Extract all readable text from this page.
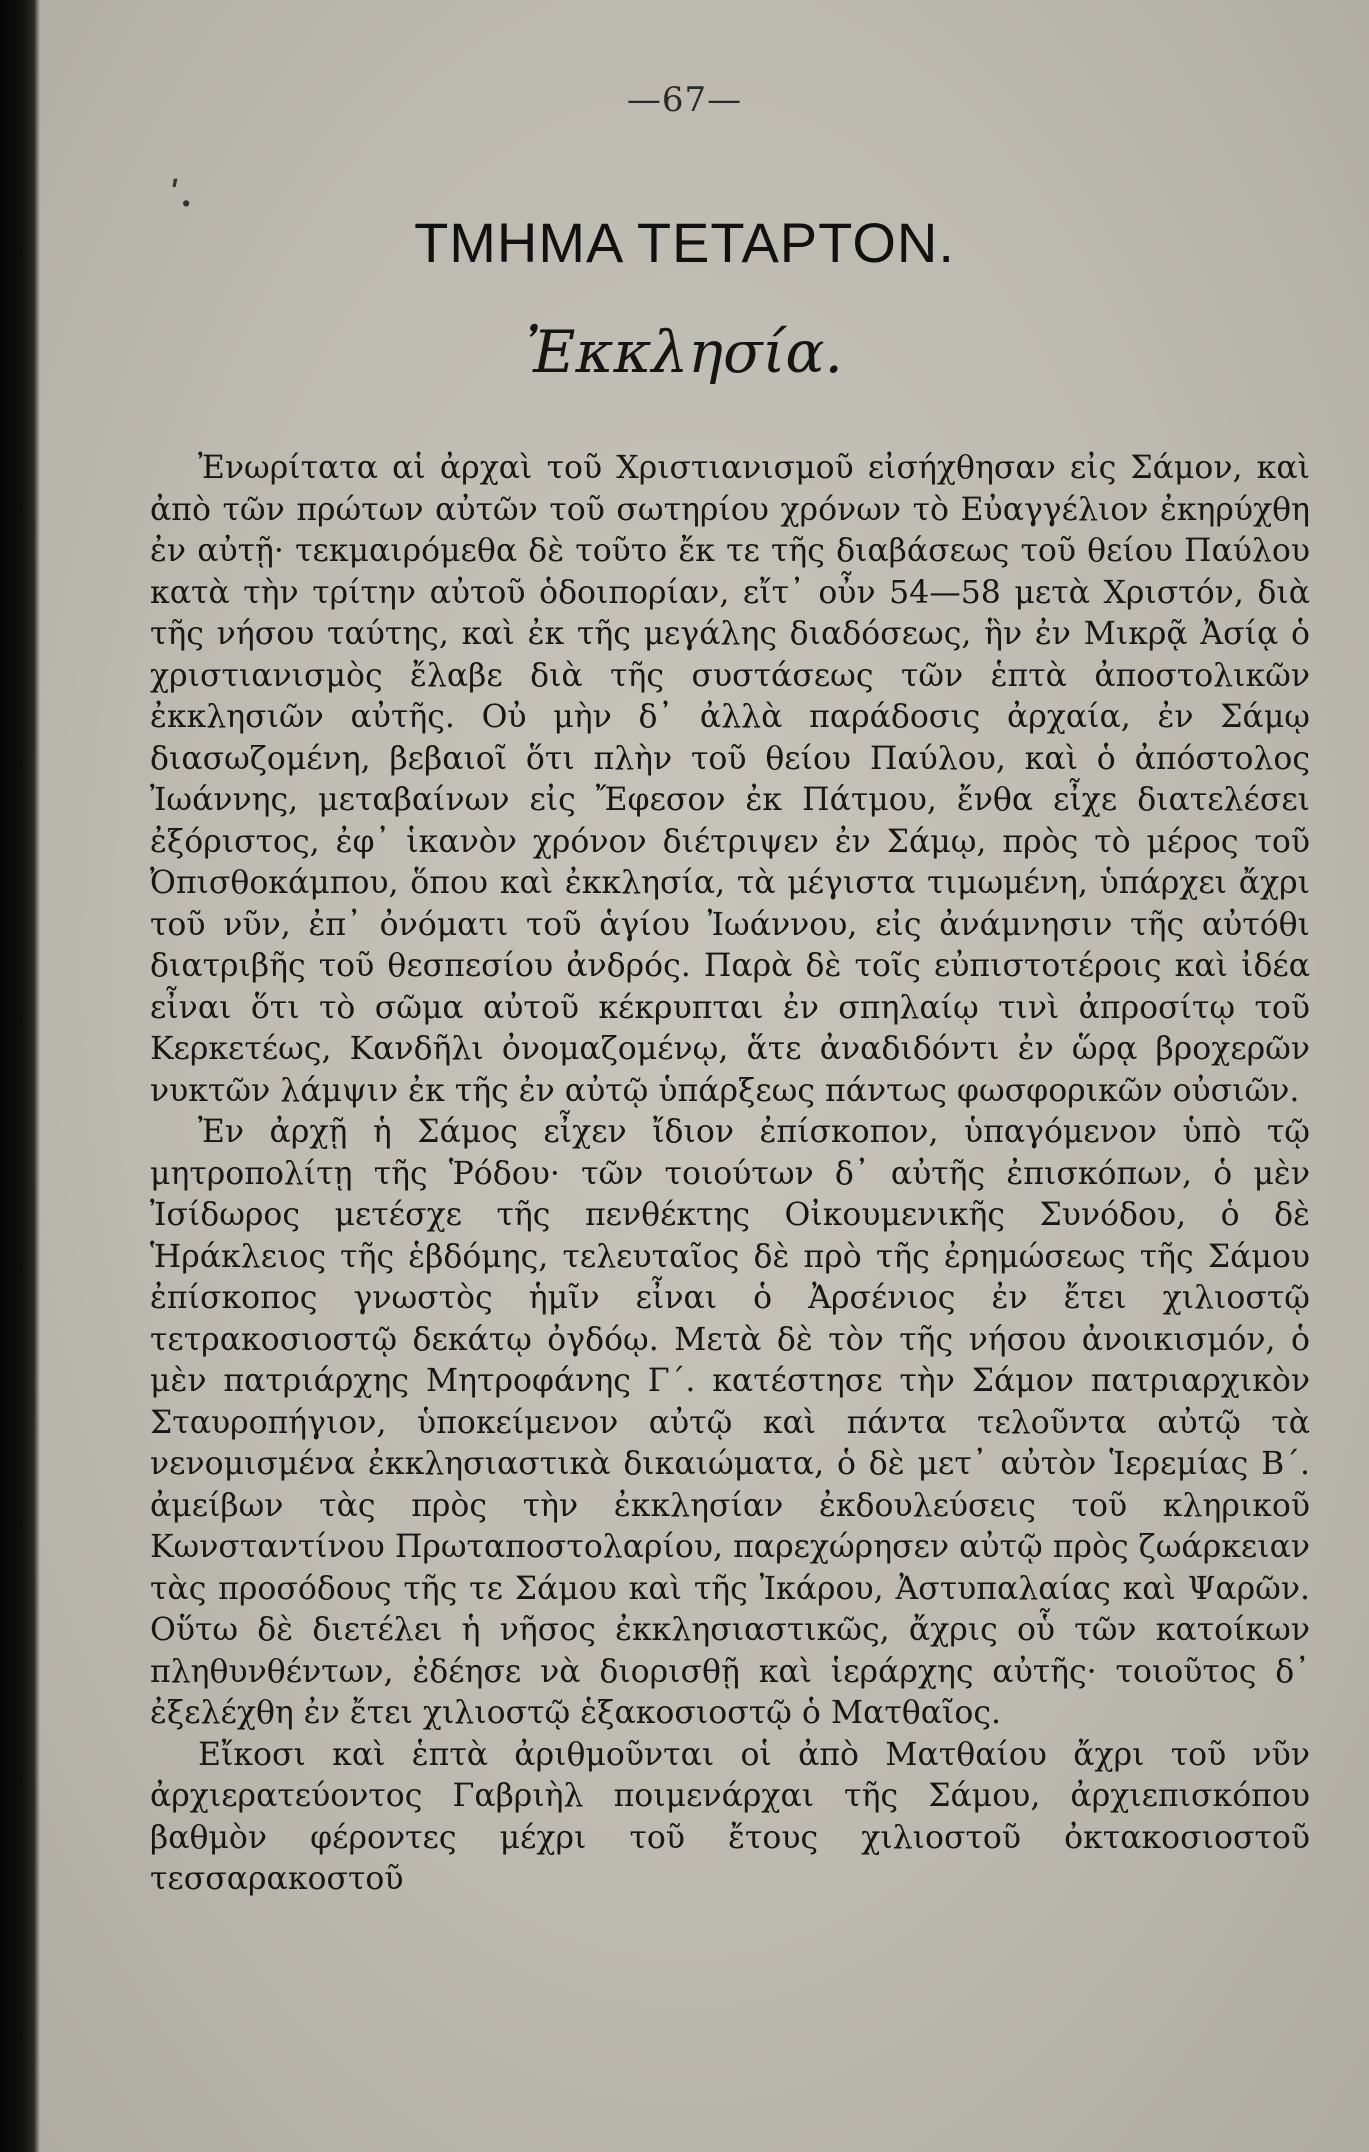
—67—
ʹ.
ΤΜΗΜΑ ΤΕΤΑΡΤΟΝ.
Ἐκκλησία.

Ἐνωρίτατα αἱ ἀρχαὶ τοῦ Χριστιανισμοῦ εἰσήχθησαν εἰς Σάμον, καὶ ἀπὸ τῶν πρώτων αὐτῶν τοῦ σωτηρίου χρόνων τὸ Εὐαγγέλιον ἐκηρύχθη ἐν αὐτῇ· τεκμαιρόμεθα δὲ τοῦτο ἔκ τε τῆς διαβάσεως τοῦ θείου Παύλου κατὰ τὴν τρίτην αὐτοῦ ὁδοιπορίαν, εἴτ᾽ οὖν 54—58 μετὰ Χριστόν, διὰ τῆς νήσου ταύτης, καὶ ἐκ τῆς μεγάλης διαδόσεως, ἣν ἐν Μικρᾷ Ἀσίᾳ ὁ χριστιανισμὸς ἔλαβε διὰ τῆς συστάσεως τῶν ἑπτὰ ἀποστολικῶν ἐκκλησιῶν αὐτῆς. Οὐ μὴν δ᾽ ἀλλὰ παράδοσις ἀρχαία, ἐν Σάμῳ διασωζομένη, βεβαιοῖ ὅτι πλὴν τοῦ θείου Παύλου, καὶ ὁ ἀπόστολος Ἰωάννης, μεταβαίνων εἰς Ἔφεσον ἐκ Πάτμου, ἔνθα εἶχε διατελέσει ἐξόριστος, ἐφ᾽ ἱκανὸν χρόνον διέτριψεν ἐν Σάμῳ, πρὸς τὸ μέρος τοῦ Ὀπισθοκάμπου, ὅπου καὶ ἐκκλησία, τὰ μέγιστα τιμωμένη, ὑπάρχει ἄχρι τοῦ νῦν, ἐπ᾽ ὀνόματι τοῦ ἁγίου Ἰωάννου, εἰς ἀνάμνησιν τῆς αὐτόθι διατριβῆς τοῦ θεσπεσίου ἀνδρός. Παρὰ δὲ τοῖς εὐπιστοτέροις καὶ ἰδέα εἶναι ὅτι τὸ σῶμα αὐτοῦ κέκρυπται ἐν σπηλαίῳ τινὶ ἀπροσίτῳ τοῦ Κερκετέως, Κανδῆλι ὀνομαζομένῳ, ἅτε ἀναδιδόντι ἐν ὥρᾳ βροχερῶν νυκτῶν λάμψιν ἐκ τῆς ἐν αὐτῷ ὑπάρξεως πάντως φωσφορικῶν οὐσιῶν.

Ἐν ἀρχῇ ἡ Σάμος εἶχεν ἴδιον ἐπίσκοπον, ὑπαγόμενον ὑπὸ τῷ μητροπολίτῃ τῆς Ῥόδου· τῶν τοιούτων δ᾽ αὐτῆς ἐπισκόπων, ὁ μὲν Ἰσίδωρος μετέσχε τῆς πενθέκτης Οἰκουμενικῆς Συνόδου, ὁ δὲ Ἡράκλειος τῆς ἑβδόμης, τελευταῖος δὲ πρὸ τῆς ἐρημώσεως τῆς Σάμου ἐπίσκοπος γνωστὸς ἡμῖν εἶναι ὁ Ἀρσένιος ἐν ἔτει χιλιοστῷ τετρακοσιοστῷ δεκάτῳ ὀγδόῳ. Μετὰ δὲ τὸν τῆς νήσου ἀνοικισμόν, ὁ μὲν πατριάρχης Μητροφάνης Γ΄. κατέστησε τὴν Σάμον πατριαρχικὸν Σταυροπήγιον, ὑποκείμενον αὐτῷ καὶ πάντα τελοῦντα αὐτῷ τὰ νενομισμένα ἐκκλησιαστικὰ δικαιώματα, ὁ δὲ μετ᾽ αὐτὸν Ἱερεμίας Β΄. ἀμείβων τὰς πρὸς τὴν ἐκκλησίαν ἐκδουλεύσεις τοῦ κληρικοῦ Κωνσταντίνου Πρωταποστολαρίου, παρεχώρησεν αὐτῷ πρὸς ζωάρκειαν τὰς προσόδους τῆς τε Σάμου καὶ τῆς Ἰκάρου, Ἀστυπαλαίας καὶ Ψαρῶν. Οὕτω δὲ διετέλει ἡ νῆσος ἐκκλησιαστικῶς, ἄχρις οὗ τῶν κατοίκων πληθυνθέντων, ἐδέησε νὰ διορισθῇ καὶ ἱεράρχης αὐτῆς· τοιοῦτος δ᾽ ἐξελέχθη ἐν ἔτει χιλιοστῷ ἑξακοσιοστῷ ὁ Ματθαῖος.

Εἴκοσι καὶ ἑπτὰ ἀριθμοῦνται οἱ ἀπὸ Ματθαίου ἄχρι τοῦ νῦν ἀρχιερατεύοντος Γαβριὴλ ποιμενάρχαι τῆς Σάμου, ἀρχιεπισκόπου βαθμὸν φέροντες μέχρι τοῦ ἔτους χιλιοστοῦ ὀκτακοσιοστοῦ τεσσαρακοστοῦ
